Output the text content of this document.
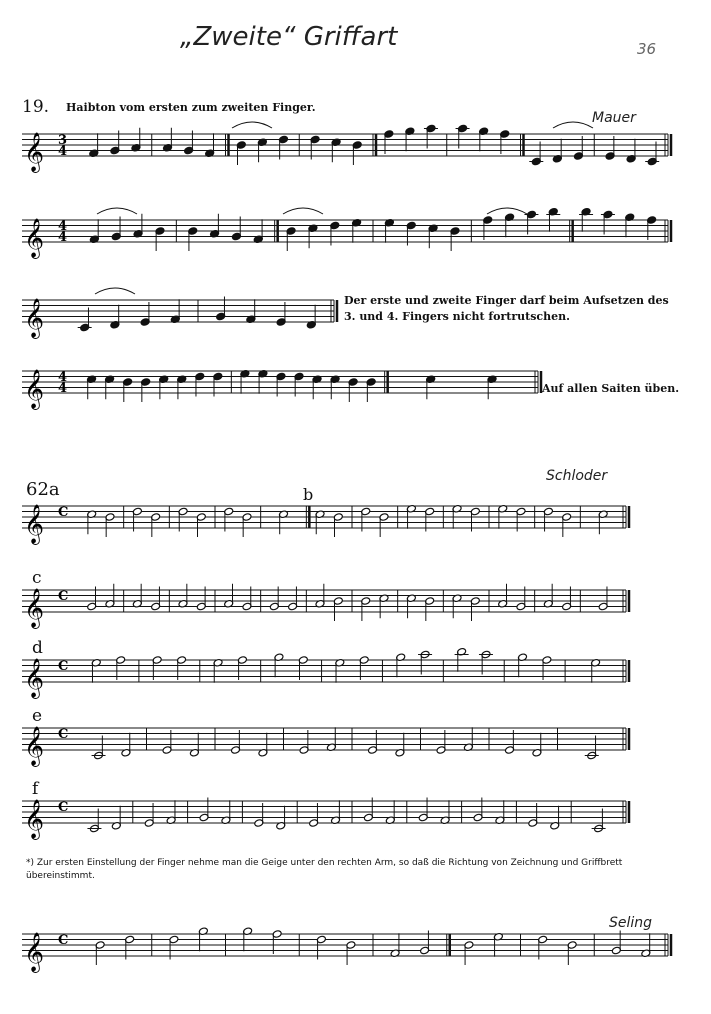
„Zweite“ Griffart	36
19. Haibton vom ersten zum zweiten Finger.
Mauer
Der erste und zweite Finger darf beim Aufsetzen des 3. und 4. Fingers nicht fortrutschen.
Auf allen Saiten üben.
62a	b
Schloder
c
d
e
f
*) Zur ersten Einstellung der Finger nehme man die Geige unter den rechten Arm, so daß die Richtung von Zeichnung und Griffbrett übereinstimmt.
Seling
𝄞 3
4
𝄞 4
4
𝄞
𝄞 4
4
𝄞 C
𝄞 C
𝄞 C
𝄞 C
𝄞 C
𝄞 C
